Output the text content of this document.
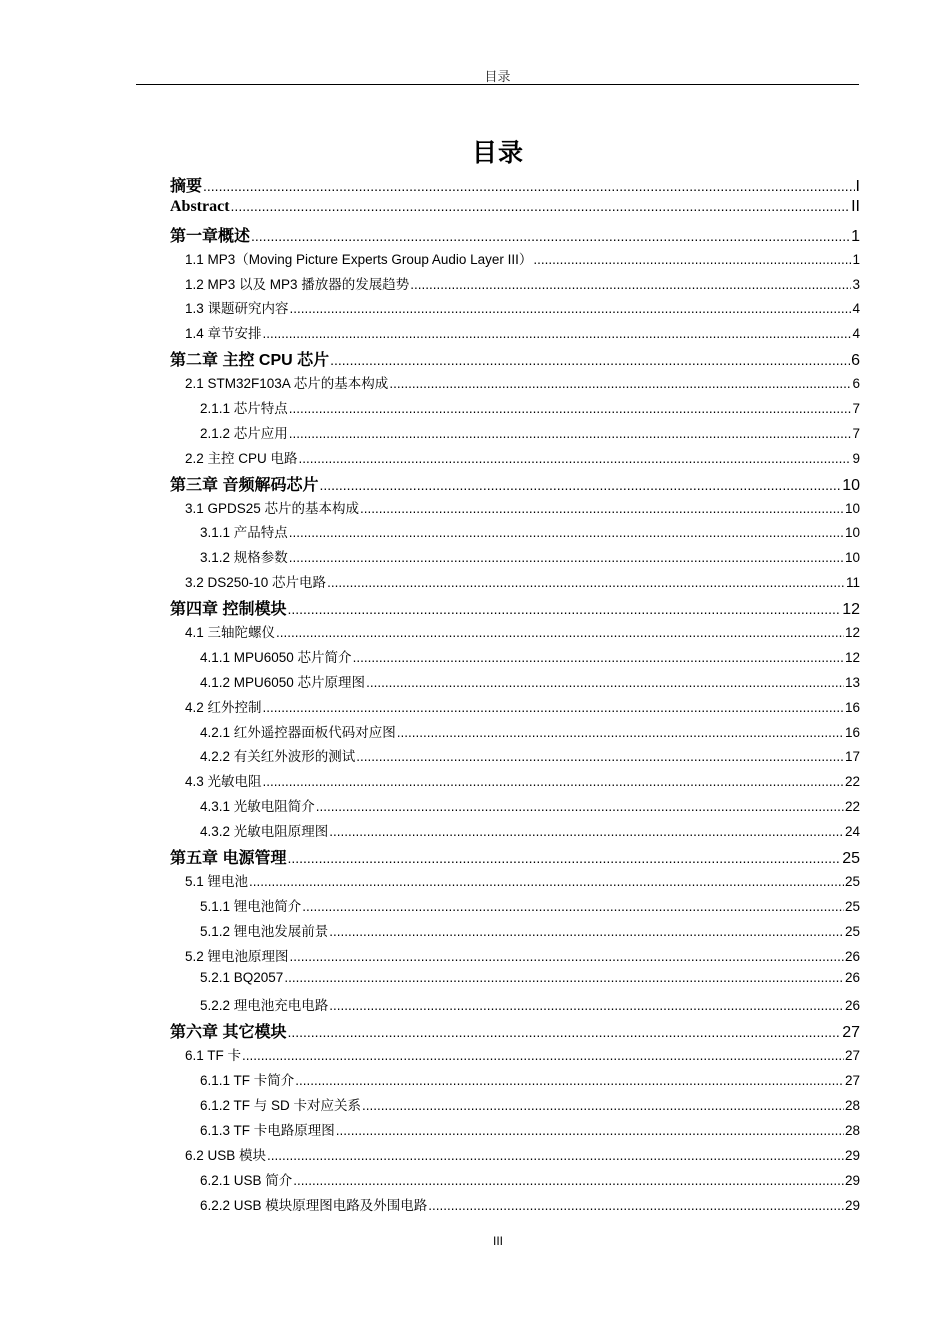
目录
目录
摘要 .....	I
Abstract .....	II
第一章概述 .....	1
1.1 MP3（Moving Picture Experts Group Audio Layer III） .....	1
1.2 MP3 以及 MP3 播放器的发展趋势 .....	3
1.3 课题研究内容 .....	4
1.4 章节安排 .....	4
第二章 主控 CPU 芯片 .....	6
2.1 STM32F103A 芯片的基本构成 .....	6
2.1.1 芯片特点 .....	7
2.1.2 芯片应用 .....	7
2.2 主控 CPU 电路 .....	9
第三章 音频解码芯片 .....	10
3.1 GPDS25 芯片的基本构成 .....	10
3.1.1 产品特点 .....	10
3.1.2 规格参数 .....	10
3.2 DS250-10 芯片电路 .....	11
第四章 控制模块 .....	12
4.1 三轴陀螺仪 .....	12
4.1.1 MPU6050 芯片简介 .....	12
4.1.2 MPU6050 芯片原理图 .....	13
4.2 红外控制 .....	16
4.2.1 红外遥控器面板代码对应图 .....	16
4.2.2 有关红外波形的测试 .....	17
4.3 光敏电阻 .....	22
4.3.1 光敏电阻简介 .....	22
4.3.2 光敏电阻原理图 .....	24
第五章 电源管理 .....	25
5.1 锂电池 .....	25
5.1.1 锂电池简介 .....	25
5.1.2 锂电池发展前景 .....	25
5.2 锂电池原理图 .....	26
5.2.1 BQ2057 .....	26
5.2.2 理电池充电电路 .....	26
第六章 其它模块 .....	27
6.1 TF 卡 .....	27
6.1.1 TF 卡简介 .....	27
6.1.2 TF 与 SD 卡对应关系 .....	28
6.1.3 TF 卡电路原理图 .....	28
6.2 USB 模块 .....	29
6.2.1 USB 简介 .....	29
6.2.2 USB 模块原理图电路及外围电路 .....	29
III
